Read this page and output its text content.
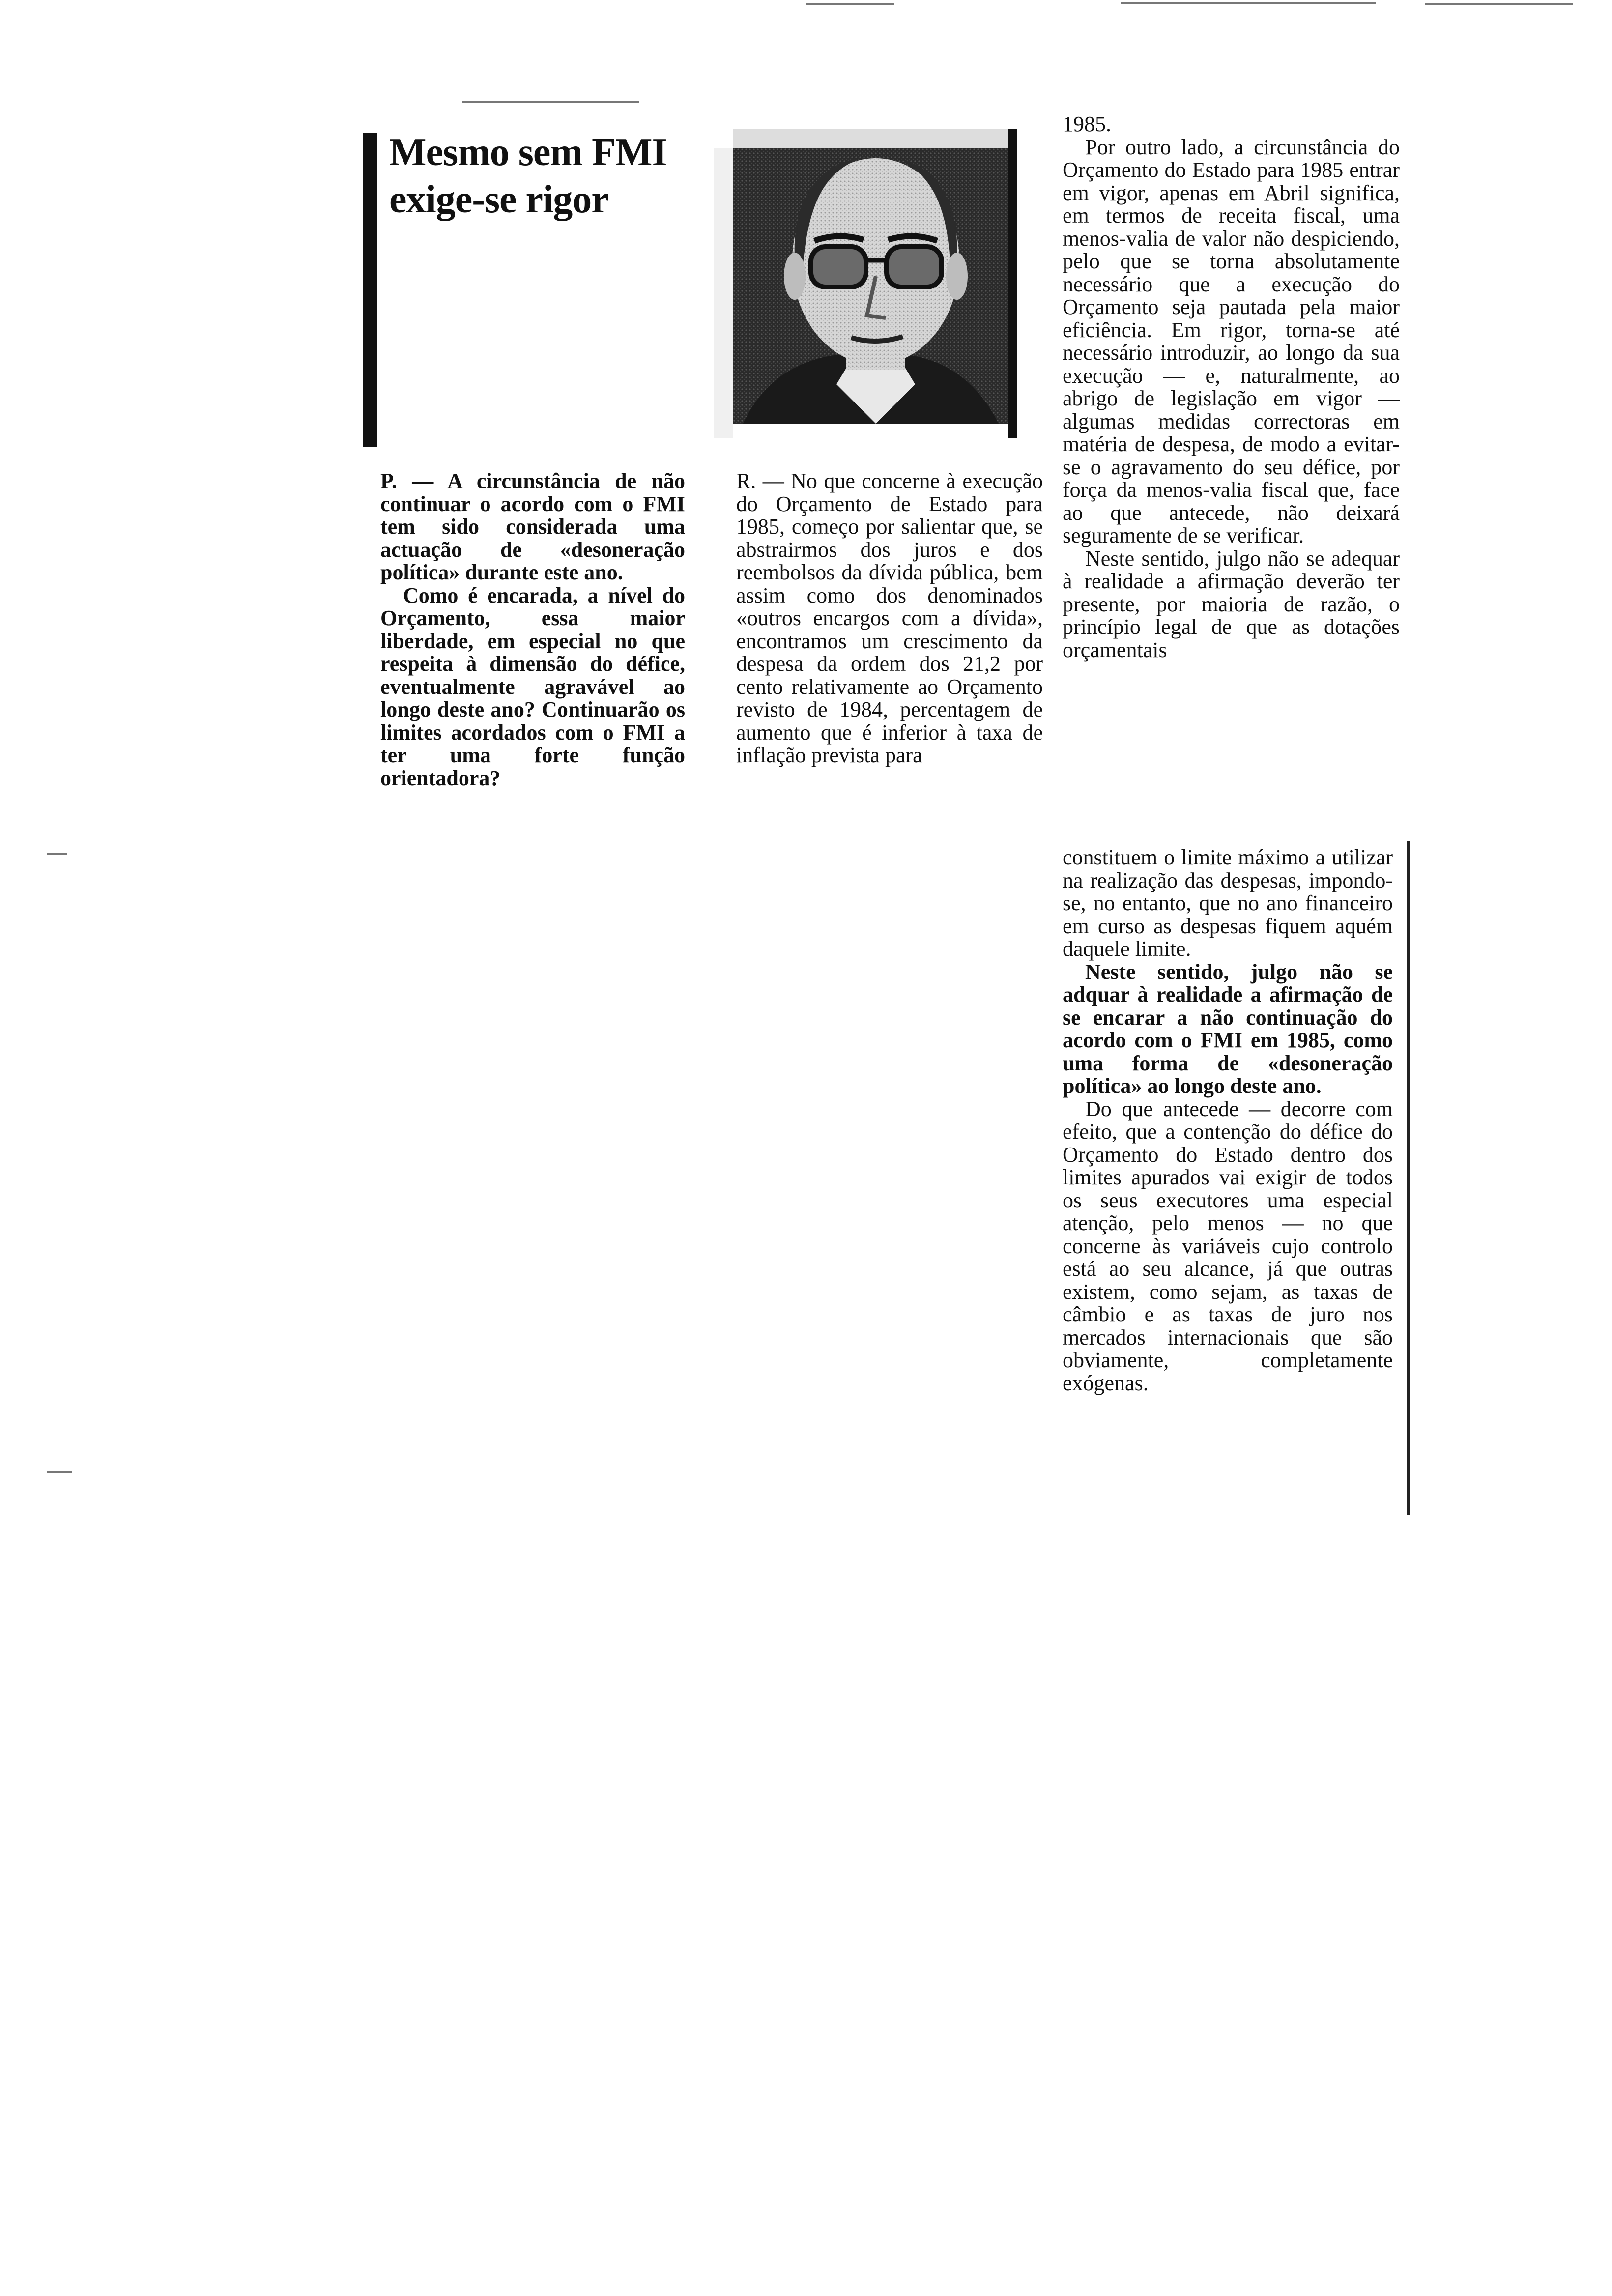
Mesmo sem FMI
exige-se rigor

P. — A circunstância de não continuar o acordo com o FMI tem sido considerada uma actuação de «desoneração política» durante este ano.

Como é encarada, a nível do Orçamento, essa maior liberdade, em especial no que respeita à dimensão do défice, eventualmente agravável ao longo deste ano? Continuarão os limites acordados com o FMI a ter uma forte função orientadora?

R. — No que concerne à execução do Orçamento de Estado para 1985, começo por salientar que, se abstrairmos dos juros e dos reembolsos da dívida pública, bem assim como dos denominados «outros encargos com a dívida», encontramos um crescimento da despesa da ordem dos 21,2 por cento relativamente ao Orçamento revisto de 1984, percentagem de aumento que é inferior à taxa de inflação prevista para

1985.

Por outro lado, a circunstância do Orçamento do Estado para 1985 entrar em vigor, apenas em Abril significa, em termos de receita fiscal, uma menos-valia de valor não despiciendo, pelo que se torna absolutamente necessário que a execução do Orçamento seja pautada pela maior eficiência. Em rigor, torna-se até necessário introduzir, ao longo da sua execução — e, naturalmente, ao abrigo de legislação em vigor — algumas medidas correctoras em matéria de despesa, de modo a evitar-se o agravamento do seu défice, por força da menos-valia fiscal que, face ao que antecede, não deixará seguramente de se verificar.

Neste sentido, julgo não se adequar à realidade a afirmação deverão ter presente, por maioria de razão, o princípio legal de que as dotações orçamentais

constituem o limite máximo a utilizar na realização das despesas, impondo-se, no entanto, que no ano financeiro em curso as despesas fiquem aquém daquele limite.

Neste sentido, julgo não se adquar à realidade a afirmação de se encarar a não continuação do acordo com o FMI em 1985, como uma forma de «desoneração política» ao longo deste ano.

Do que antecede — decorre com efeito, que a contenção do défice do Orçamento do Estado dentro dos limites apurados vai exigir de todos os seus executores uma especial atenção, pelo menos — no que concerne às variáveis cujo controlo está ao seu alcance, já que outras existem, como sejam, as taxas de câmbio e as taxas de juro nos mercados internacionais que são obviamente, completamente exógenas.
